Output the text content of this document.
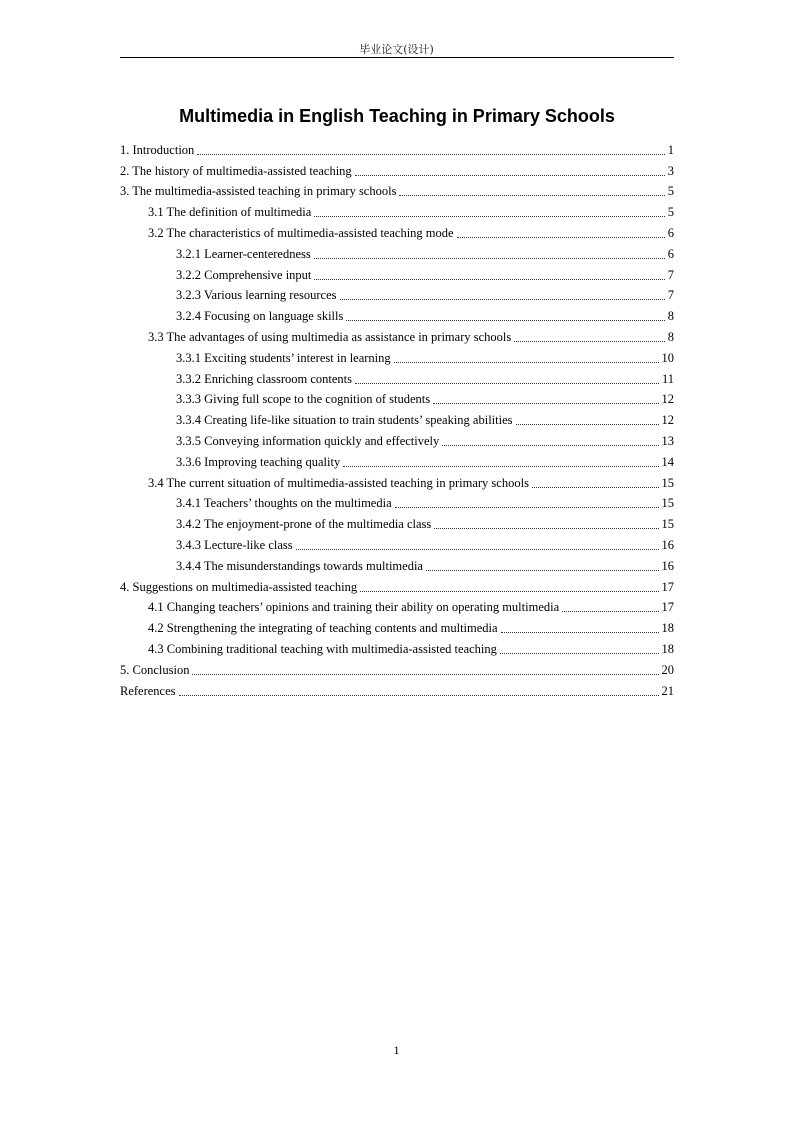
毕业论文(设计)
Multimedia in English Teaching in Primary Schools
1. Introduction	1
2. The history of multimedia-assisted teaching	3
3. The multimedia-assisted teaching in primary schools	5
3.1 The definition of multimedia	5
3.2 The characteristics of multimedia-assisted teaching mode	6
3.2.1 Learner-centeredness	6
3.2.2 Comprehensive input	7
3.2.3 Various learning resources	7
3.2.4 Focusing on language skills	8
3.3 The advantages of using multimedia as assistance in primary schools	8
3.3.1 Exciting students’ interest in learning	10
3.3.2 Enriching classroom contents	11
3.3.3 Giving full scope to the cognition of students	12
3.3.4 Creating life-like situation to train students’ speaking abilities	12
3.3.5 Conveying information quickly and effectively	13
3.3.6 Improving teaching quality	14
3.4 The current situation of multimedia-assisted teaching in primary schools	15
3.4.1 Teachers’ thoughts on the multimedia	15
3.4.2 The enjoyment-prone of the multimedia class	15
3.4.3 Lecture-like class	16
3.4.4 The misunderstandings towards multimedia	16
4. Suggestions on multimedia-assisted teaching	17
4.1 Changing teachers’ opinions and training their ability on operating multimedia	17
4.2 Strengthening the integrating of teaching contents and multimedia	18
4.3 Combining traditional teaching with multimedia-assisted teaching	18
5. Conclusion	20
References	21
1
